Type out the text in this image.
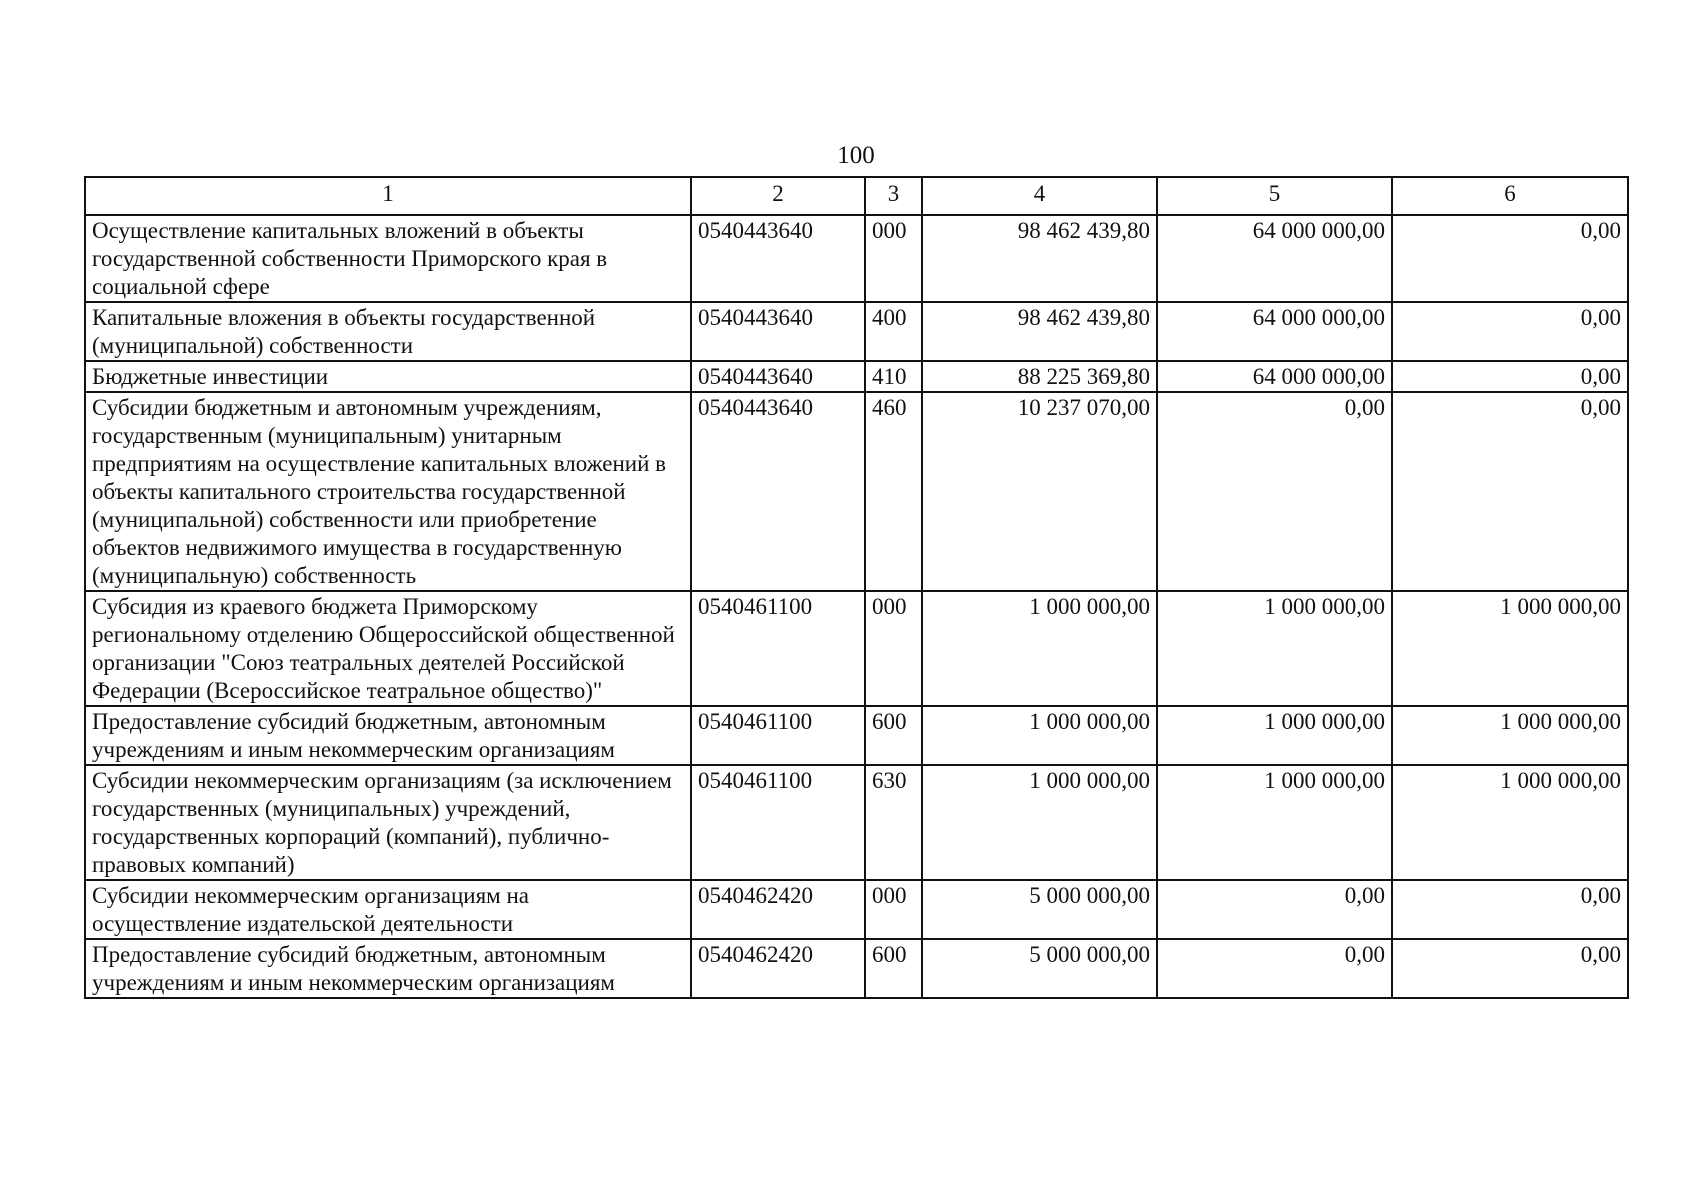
100
1	2	3	4	5	6
Осуществление капитальных вложений в объекты государственной собственности Приморского края в социальной сфере	0540443640	000	98 462 439,80	64 000 000,00	0,00
Капитальные вложения в объекты государственной (муниципальной) собственности	0540443640	400	98 462 439,80	64 000 000,00	0,00
Бюджетные инвестиции	0540443640	410	88 225 369,80	64 000 000,00	0,00
Субсидии бюджетным и автономным учреждениям, государственным (муниципальным) унитарным предприятиям на осуществление капитальных вложений в объекты капитального строительства государственной (муниципальной) собственности или приобретение объектов недвижимого имущества в государственную (муниципальную) собственность	0540443640	460	10 237 070,00	0,00	0,00
Субсидия из краевого бюджета Приморскому региональному отделению Общероссийской общественной организации "Союз театральных деятелей Российской Федерации (Всероссийское театральное общество)"	0540461100	000	1 000 000,00	1 000 000,00	1 000 000,00
Предоставление субсидий бюджетным, автономным учреждениям и иным некоммерческим организациям	0540461100	600	1 000 000,00	1 000 000,00	1 000 000,00
Субсидии некоммерческим организациям (за исключением государственных (муниципальных) учреждений, государственных корпораций (компаний), публично-правовых компаний)	0540461100	630	1 000 000,00	1 000 000,00	1 000 000,00
Субсидии некоммерческим организациям на осуществление издательской деятельности	0540462420	000	5 000 000,00	0,00	0,00
Предоставление субсидий бюджетным, автономным учреждениям и иным некоммерческим организациям	0540462420	600	5 000 000,00	0,00	0,00
